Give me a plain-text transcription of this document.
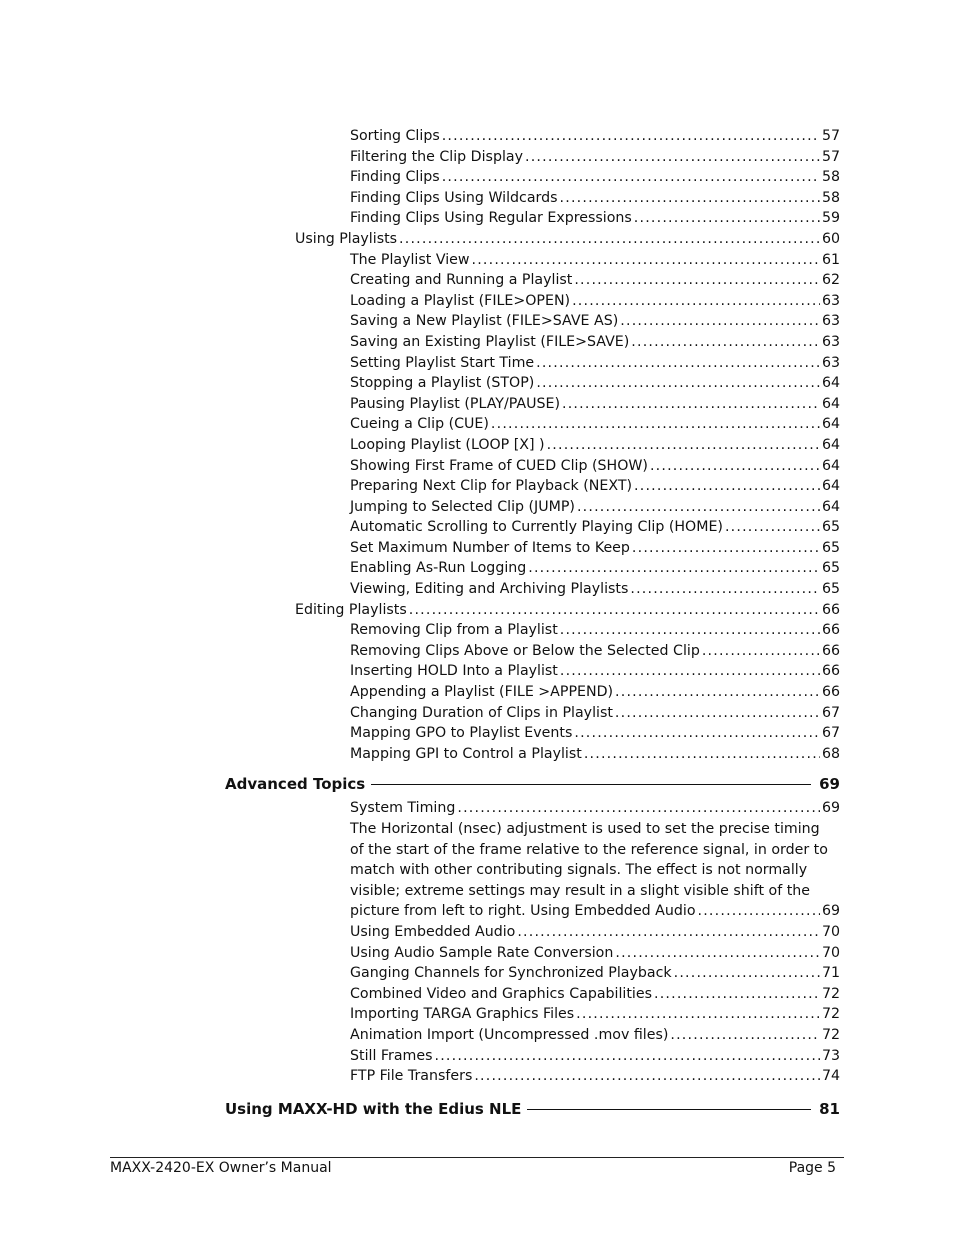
Sorting Clips .....	57
Filtering the Clip Display .....	57
Finding Clips .....	58
Finding Clips Using Wildcards .....	58
Finding Clips Using Regular Expressions .....	59
Using Playlists .....	60
The Playlist View .....	61
Creating and Running a Playlist .....	62
Loading a Playlist (FILE>OPEN) .....	63
Saving a New Playlist (FILE>SAVE AS) .....	63
Saving an Existing Playlist (FILE>SAVE) .....	63
Setting Playlist Start Time .....	63
Stopping a Playlist (STOP) .....	64
Pausing Playlist (PLAY/PAUSE) .....	64
Cueing a Clip (CUE) .....	64
Looping Playlist (LOOP [X] ) .....	64
Showing First Frame of CUED Clip (SHOW) .....	64
Preparing Next Clip for Playback (NEXT) .....	64
Jumping to Selected Clip (JUMP) .....	64
Automatic Scrolling to Currently Playing Clip (HOME) .....	65
Set Maximum Number of Items to Keep .....	65
Enabling As-Run Logging .....	65
Viewing, Editing and Archiving Playlists .....	65
Editing Playlists .....	66
Removing Clip from a Playlist .....	66
Removing Clips Above or Below the Selected Clip .....	66
Inserting HOLD Into a Playlist .....	66
Appending a Playlist (FILE >APPEND) .....	66
Changing Duration of Clips in Playlist .....	67
Mapping GPO to Playlist Events .....	67
Mapping GPI to Control a Playlist .....	68
Advanced Topics	69
System Timing .....	69
The Horizontal (nsec) adjustment is used to set the precise timing
of the start of the frame relative to the reference signal, in order to
match with other contributing signals. The effect is not normally
visible; extreme settings may result in a slight visible shift of the
picture from left to right. Using Embedded Audio .....	69
Using Embedded Audio .....	70
Using Audio Sample Rate Conversion .....	70
Ganging Channels for Synchronized Playback .....	71
Combined Video and Graphics Capabilities .....	72
Importing TARGA Graphics Files .....	72
Animation Import (Uncompressed .mov files) .....	72
Still Frames .....	73
FTP File Transfers .....	74
Using MAXX-HD with the Edius NLE	81
MAXX-2420-EX Owner’s Manual	Page 5
